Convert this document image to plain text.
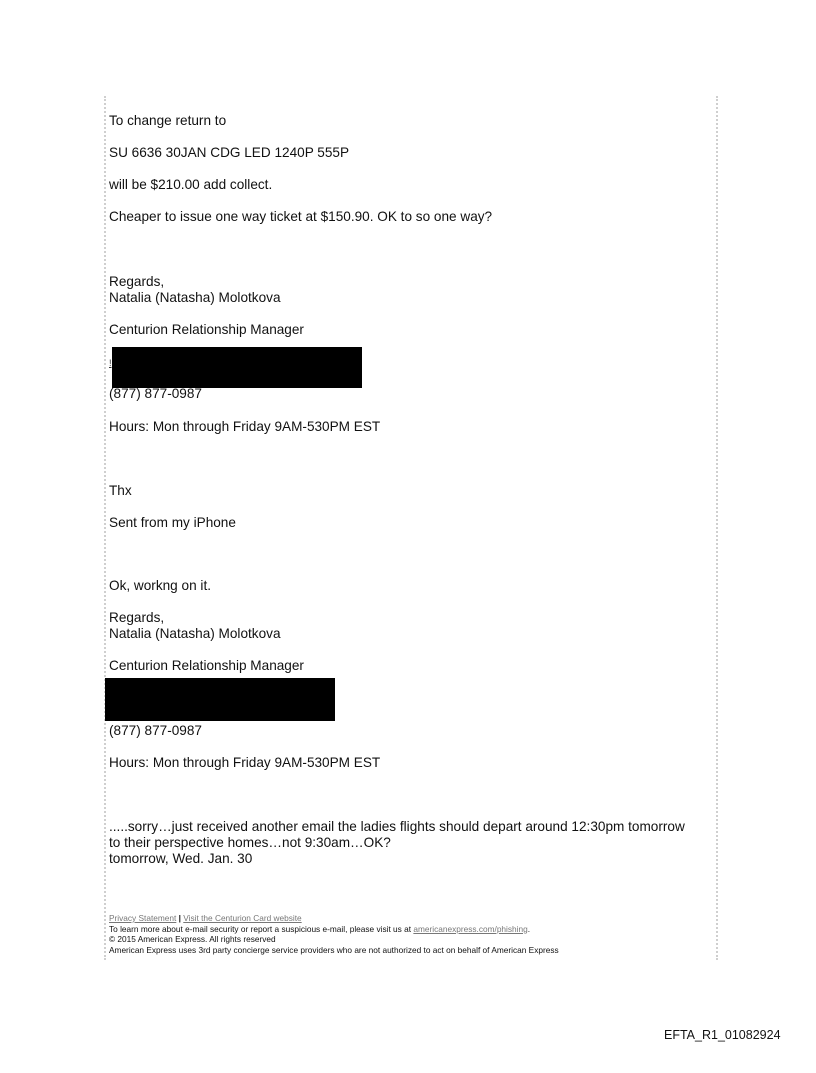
To change return to
SU 6636 30JAN CDG LED 1240P 555P
will be $210.00 add collect.
Cheaper to issue one way ticket at $150.90. OK to so one way?
Regards,
Natalia (Natasha) Molotkova
Centurion Relationship Manager
!
(877) 877-0987
Hours: Mon through Friday 9AM-530PM EST
Thx
Sent from my iPhone
Ok, workng on it.
Regards,
Natalia (Natasha) Molotkova
Centurion Relationship Manager
(877) 877-0987
Hours: Mon through Friday 9AM-530PM EST
.....sorry…just received another email the ladies flights should depart around 12:30pm tomorrow
to their perspective homes…not 9:30am…OK?
tomorrow, Wed. Jan. 30
Privacy Statement | Visit the Centurion Card website
To learn more about e-mail security or report a suspicious e-mail, please visit us at americanexpress.com/phishing.
© 2015 American Express. All rights reserved
American Express uses 3rd party concierge service providers who are not authorized to act on behalf of American Express
EFTA_R1_01082924
